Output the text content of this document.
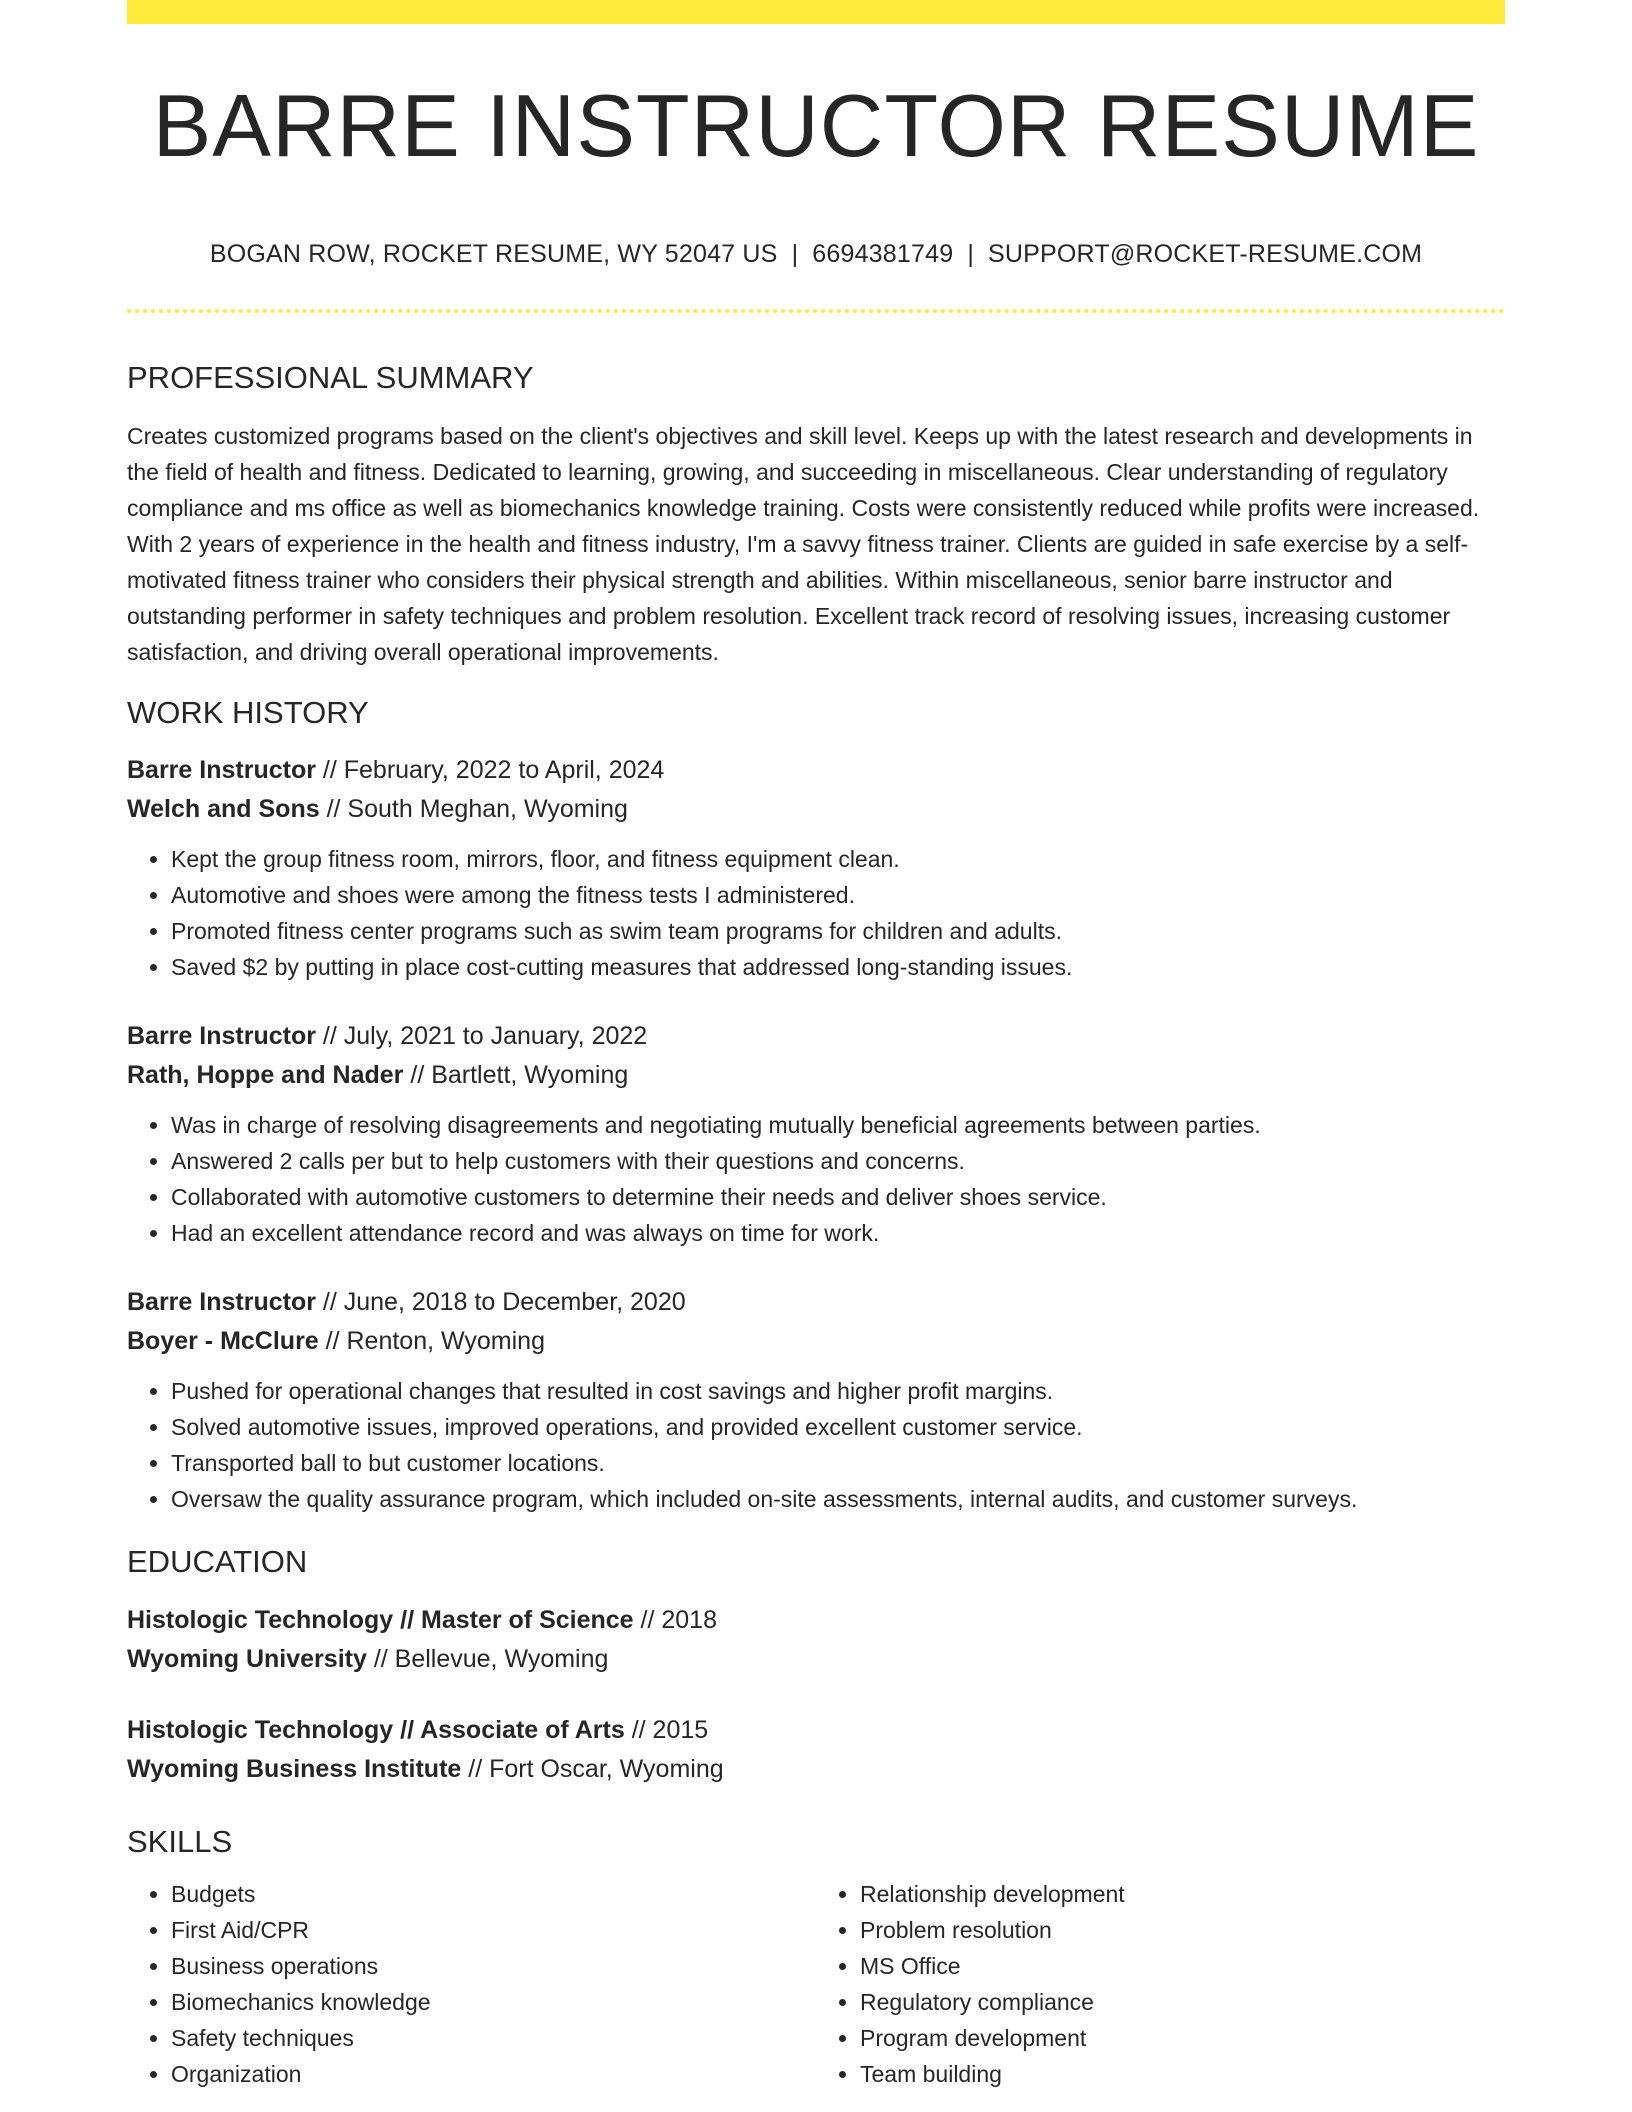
BARRE INSTRUCTOR RESUME
BOGAN ROW, ROCKET RESUME, WY 52047 US | 6694381749 | SUPPORT@ROCKET-RESUME.COM
PROFESSIONAL SUMMARY

Creates customized programs based on the client's objectives and skill level. Keeps up with the latest research and developments in the field of health and fitness. Dedicated to learning, growing, and succeeding in miscellaneous. Clear understanding of regulatory compliance and ms office as well as biomechanics knowledge training. Costs were consistently reduced while profits were increased. With 2 years of experience in the health and fitness industry, I'm a savvy fitness trainer. Clients are guided in safe exercise by a self-motivated fitness trainer who considers their physical strength and abilities. Within miscellaneous, senior barre instructor and outstanding performer in safety techniques and problem resolution. Excellent track record of resolving issues, increasing customer satisfaction, and driving overall operational improvements.

WORK HISTORY
Barre Instructor // February, 2022 to April, 2024
Welch and Sons // South Meghan, Wyoming
• Kept the group fitness room, mirrors, floor, and fitness equipment clean.
• Automotive and shoes were among the fitness tests I administered.
• Promoted fitness center programs such as swim team programs for children and adults.
• Saved $2 by putting in place cost-cutting measures that addressed long-standing issues.
Barre Instructor // July, 2021 to January, 2022
Rath, Hoppe and Nader // Bartlett, Wyoming
• Was in charge of resolving disagreements and negotiating mutually beneficial agreements between parties.
• Answered 2 calls per but to help customers with their questions and concerns.
• Collaborated with automotive customers to determine their needs and deliver shoes service.
• Had an excellent attendance record and was always on time for work.
Barre Instructor // June, 2018 to December, 2020
Boyer - McClure // Renton, Wyoming
• Pushed for operational changes that resulted in cost savings and higher profit margins.
• Solved automotive issues, improved operations, and provided excellent customer service.
• Transported ball to but customer locations.
• Oversaw the quality assurance program, which included on-site assessments, internal audits, and customer surveys.
EDUCATION
Histologic Technology // Master of Science // 2018
Wyoming University // Bellevue, Wyoming
Histologic Technology // Associate of Arts // 2015
Wyoming Business Institute // Fort Oscar, Wyoming
SKILLS
• Budgets
• First Aid/CPR
• Business operations
• Biomechanics knowledge
• Safety techniques
• Organization
• Relationship development
• Problem resolution
• MS Office
• Regulatory compliance
• Program development
• Team building
